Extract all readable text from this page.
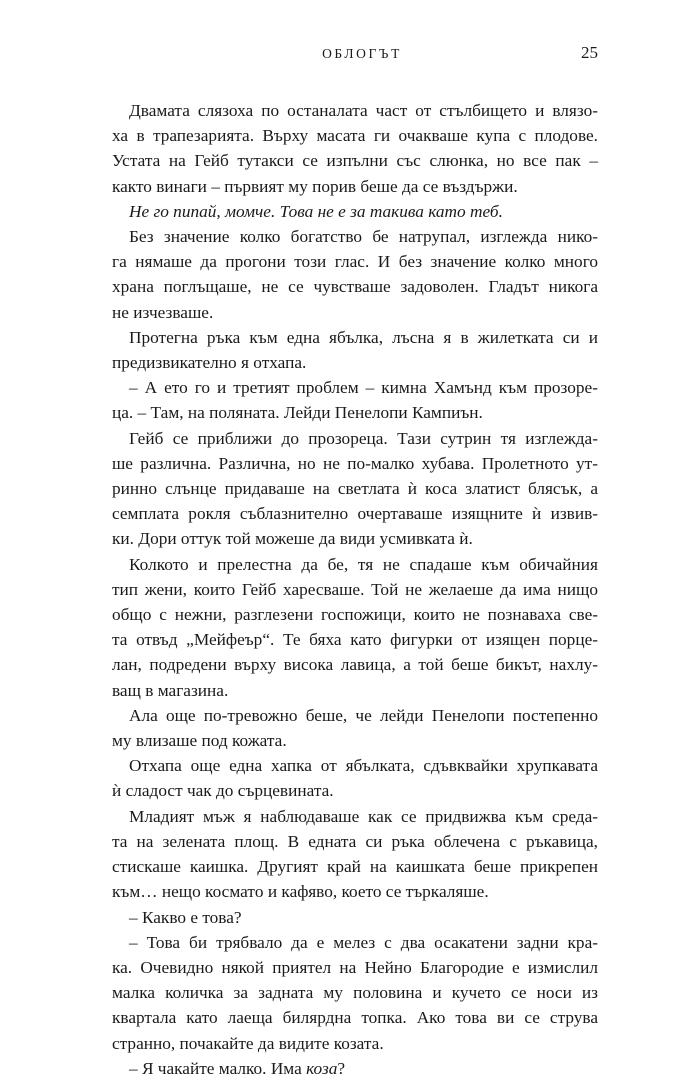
ОБЛОГЪТ	25
Двамата слязоха по останалата част от стълбището и влязо-
ха в трапезарията. Върху масата ги очакваше купа с плодове.
Устата на Гейб тутакси се изпълни със слюнка, но все пак –
както винаги – първият му порив беше да се въздържи.
Не го пипай, момче. Това не е за такива като теб.
Без значение колко богатство бе натрупал, изглежда нико-
га нямаше да прогони този глас. И без значение колко много
храна поглъщаше, не се чувстваше задоволен. Гладът никога
не изчезваше.
Протегна ръка към една ябълка, лъсна я в жилетката си и
предизвикателно я отхапа.
– А ето го и третият проблем – кимна Хамънд към прозоре-
ца. – Там, на поляната. Лейди Пенелопи Кампиън.
Гейб се приближи до прозореца. Тази сутрин тя изглежда-
ше различна. Различна, но не по-малко хубава. Пролетното ут-
ринно слънце придаваше на светлата ѝ коса златист блясък, а
семплата рокля съблазнително очертаваше изящните ѝ извив-
ки. Дори оттук той можеше да види усмивката ѝ.
Колкото и прелестна да бе, тя не спадаше към обичайния
тип жени, които Гейб харесваше. Той не желаеше да има нищо
общо с нежни, разглезени госпожици, които не познаваха све-
та отвъд „Мейфеър“. Те бяха като фигурки от изящен порце-
лан, подредени върху висока лавица, а той беше бикът, нахлу-
ващ в магазина.
Ала още по-тревожно беше, че лейди Пенелопи постепенно
му влизаше под кожата.
Отхапа още една хапка от ябълката, сдъвквайки хрупкавата
ѝ сладост чак до сърцевината.
Младият мъж я наблюдаваше как се придвижва към среда-
та на зелената площ. В едната си ръка облечена с ръкавица,
стискаше каишка. Другият край на каишката беше прикрепен
към… нещо косматo и кафяво, което се търкаляше.
– Какво е това?
– Това би трябвало да е мелез с два осакатени задни кра-
ка. Очевидно някой приятел на Нейно Благородие е измислил
малка количка за задната му половина и кучето се носи из
квартала като лаеща билярдна топка. Ако това ви се струва
странно, почакайте да видите козата.
– Я чакайте малко. Има коза?
